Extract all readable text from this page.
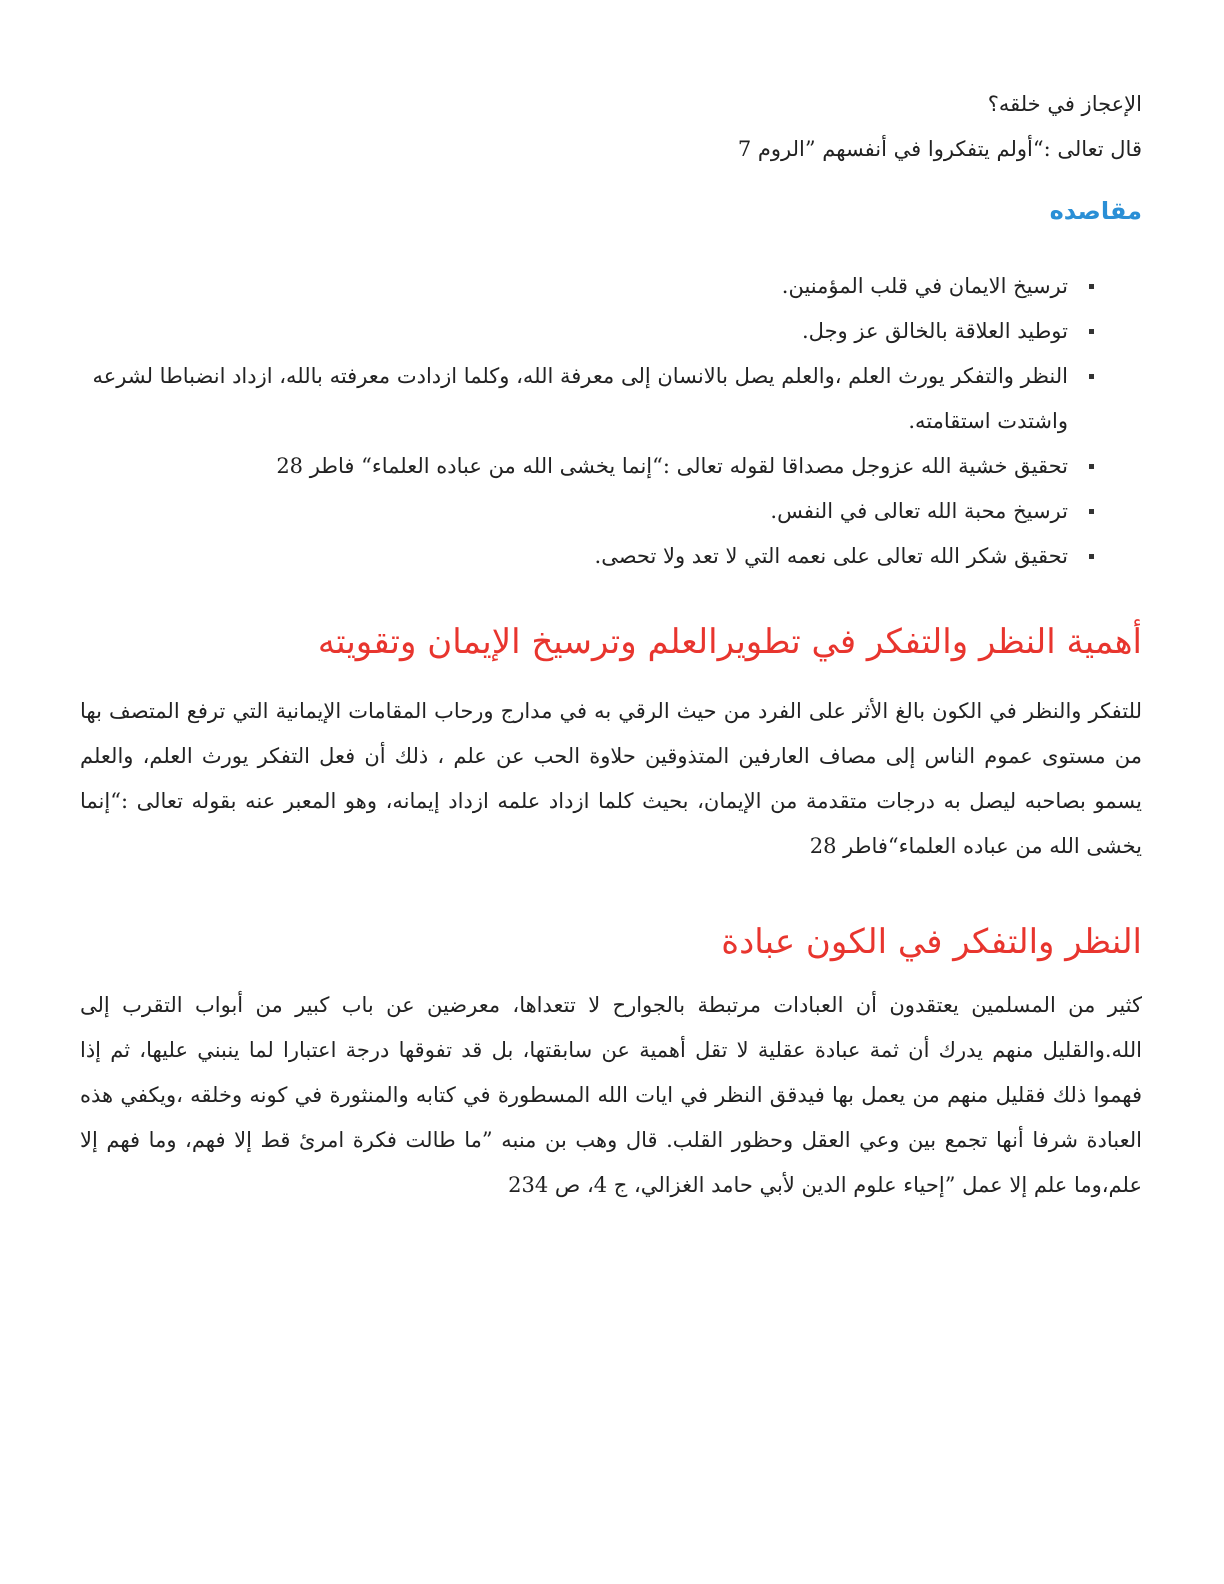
الإعجاز في خلقه؟

قال تعالى :“أولم يتفكروا في أنفسهم ”الروم 7

مقاصده
ترسيخ الايمان في قلب المؤمنين.
توطيد العلاقة بالخالق عز وجل.
النظر والتفكر يورث العلم ،والعلم يصل بالانسان إلى معرفة الله، وكلما ازدادت معرفته بالله، ازداد انضباطا لشرعه واشتدت استقامته.
تحقيق خشية الله عزوجل مصداقا لقوله تعالى :“إنما يخشى الله من عباده العلماء“ فاطر 28
ترسيخ محبة الله تعالى في النفس.
تحقيق شكر الله تعالى على نعمه التي لا تعد ولا تحصى.
أهمية النظر والتفكر في تطويرالعلم وترسيخ الإيمان وتقويته

للتفكر والنظر في الكون بالغ الأثر على الفرد من حيث الرقي به في مدارج ورحاب المقامات الإيمانية التي ترفع المتصف بها من مستوى عموم الناس إلى مصاف العارفين المتذوقين حلاوة الحب عن علم ، ذلك أن فعل التفكر يورث العلم، والعلم يسمو بصاحبه ليصل به درجات متقدمة من الإيمان، بحيث كلما ازداد علمه ازداد إيمانه، وهو المعبر عنه بقوله تعالى :“إنما يخشى الله من عباده العلماء“فاطر 28

النظر والتفكر في الكون عبادة

كثير من المسلمين يعتقدون أن العبادات مرتبطة بالجوارح لا تتعداها، معرضين عن باب كبير من أبواب التقرب إلى الله.والقليل منهم يدرك أن ثمة عبادة عقلية لا تقل أهمية عن سابقتها، بل قد تفوقها درجة اعتبارا لما ينبني عليها، ثم إذا فهموا ذلك فقليل منهم من يعمل بها فيدقق النظر في ايات الله المسطورة في كتابه والمنثورة في كونه وخلقه ،ويكفي هذه العبادة شرفا أنها تجمع بين وعي العقل وحظور القلب. قال وهب بن منبه ”ما طالت فكرة امرئ قط إلا فهم، وما فهم إلا علم،وما علم إلا عمل ”إحياء علوم الدين لأبي حامد الغزالي، ج 4، ص 234
